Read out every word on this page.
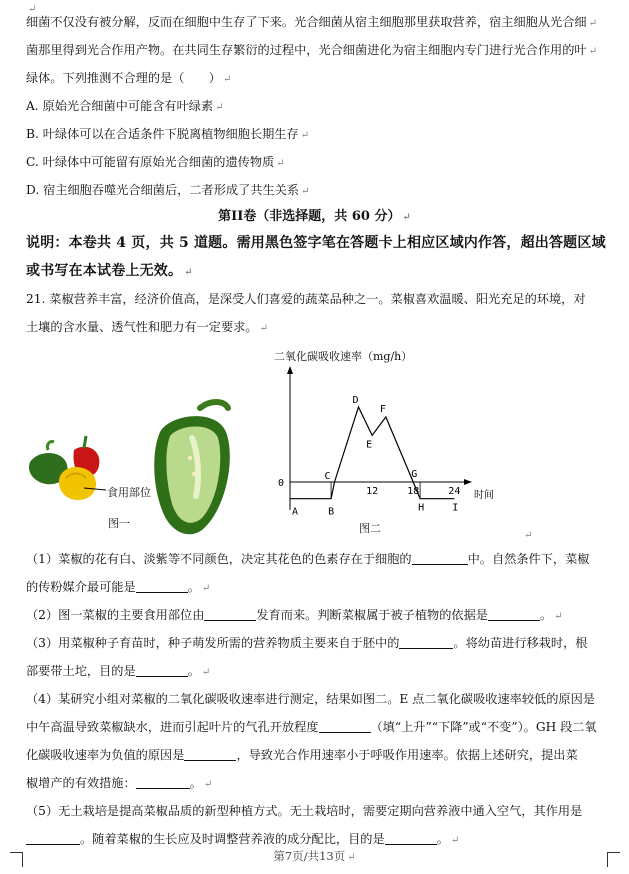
↵
细菌不仅没有被分解，反而在细胞中生存了下来。光合细菌从宿主细胞那里获取营养，宿主细胞从光合细 ↵
菌那里得到光合作用产物。在共同生存繁衍的过程中，光合细菌进化为宿主细胞内专门进行光合作用的叶 ↵
绿体。下列推测不合理的是（　　） ↵
A. 原始光合细菌中可能含有叶绿素 ↵
B. 叶绿体可以在合适条件下脱离植物细胞长期生存 ↵
C. 叶绿体中可能留有原始光合细菌的遗传物质 ↵
D. 宿主细胞吞噬光合细菌后，二者形成了共生关系 ↵
第II卷（非选择题，共 60 分） ↵
说明：本卷共 4 页，共 5 道题。需用黑色签字笔在答题卡上相应区域内作答，超出答题区域
或书写在本试卷上无效。 ↵
21. 菜椒营养丰富，经济价值高，是深受人们喜爱的蔬菜品种之一。菜椒喜欢温暖、阳光充足的环境，对
土壤的含水量、透气性和肥力有一定要求。 ↵
食用部位
图一
二氧化碳吸收速率（mg/h）
A	B
C
D
E
F
G
H	I
0
12	18	24 时间
图二
↵
（1）菜椒的花有白、淡紫等不同颜色，决定其花色的色素存在于细胞的	中。自然条件下，菜椒
的传粉媒介最可能是	。 ↵
（2）图一菜椒的主要食用部位由	发育而来。判断菜椒属于被子植物的依据是	。 ↵
（3）用菜椒种子育苗时，种子萌发所需的营养物质主要来自于胚中的	。将幼苗进行移栽时，根
部要带土坨，目的是	。 ↵
（4）某研究小组对菜椒的二氧化碳吸收速率进行测定，结果如图二。E 点二氧化碳吸收速率较低的原因是
中午高温导致菜椒缺水，进而引起叶片的气孔开放程度	（填“上升”“下降”或“不变”）。GH 段二氧
化碳吸收速率为负值的原因是	，导致光合作用速率小于呼吸作用速率。依据上述研究，提出菜
椒增产的有效措施：	。 ↵
（5）无土栽培是提高菜椒品质的新型种植方式。无土栽培时，需要定期向营养液中通入空气，其作用是
。随着菜椒的生长应及时调整营养液的成分配比，目的是	。 ↵
第7页/共13页 ↵
